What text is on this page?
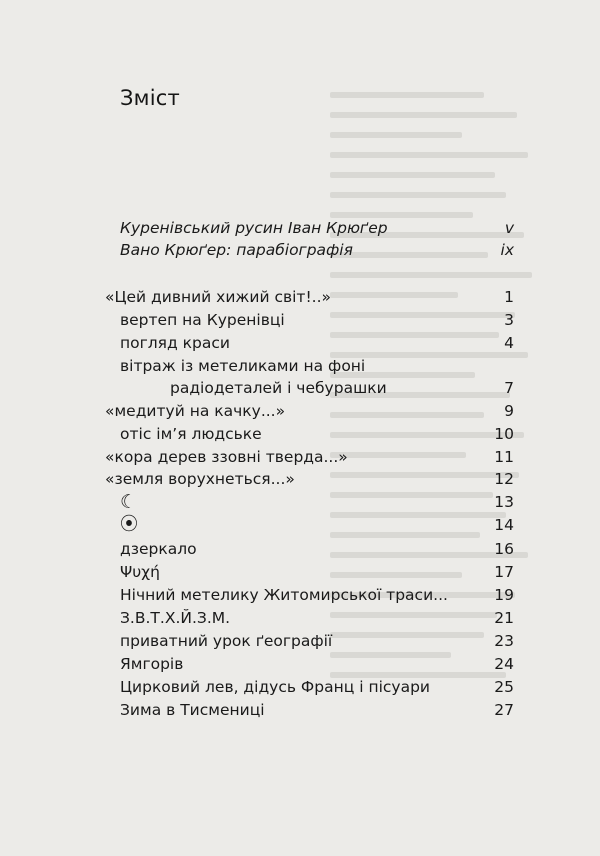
Зміст
Куренівський русин Іван Крюґер	v
Вано Крюґер: парабіографія	ix
«Цей дивний хижий світ!..»	1
вертеп на Куренівці	3
погляд краси	4
вітраж із метеликами на фоні
радіодеталей і чебурашки	7
«медитуй на качку...»	9
отіс ім’я людське	10
«кора дерев ззовні тверда...»	11
«земля ворухнеться...»	12
☾	13
⦿	14
дзеркало	16
Ψυχή	17
Нічний метелику Житомирської траси...	19
З.В.Т.Х.Й.З.М.	21
приватний урок ґеографії	23
Ямгорів	24
Цирковий лев, дідусь Франц і пісуари	25
Зима в Тисмениці	27
